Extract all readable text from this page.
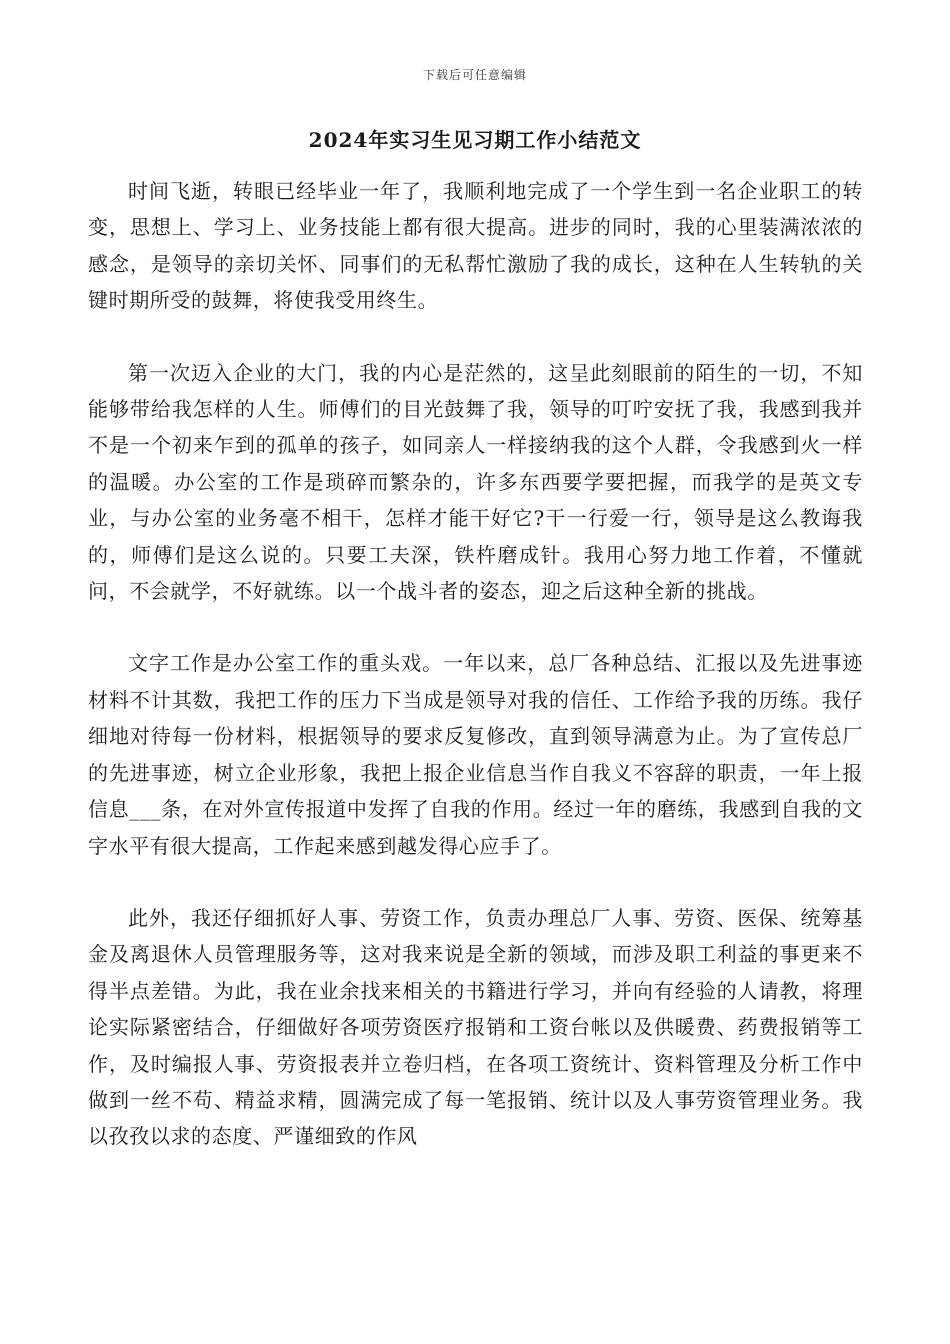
下载后可任意编辑
2024年实习生见习期工作小结范文

时间飞逝，转眼已经毕业一年了，我顺利地完成了一个学生到一名企业职工的转变，思想上、学习上、业务技能上都有很大提高。进步的同时，我的心里装满浓浓的感念，是领导的亲切关怀、同事们的无私帮忙激励了我的成长，这种在人生转轨的关键时期所受的鼓舞，将使我受用终生。

第一次迈入企业的大门，我的内心是茫然的，这呈此刻眼前的陌生的一切，不知能够带给我怎样的人生。师傅们的目光鼓舞了我，领导的叮咛安抚了我，我感到我并不是一个初来乍到的孤单的孩子，如同亲人一样接纳我的这个人群，令我感到火一样的温暖。办公室的工作是琐碎而繁杂的，许多东西要学要把握，而我学的是英文专业，与办公室的业务毫不相干，怎样才能干好它?干一行爱一行，领导是这么教诲我的，师傅们是这么说的。只要工夫深，铁杵磨成针。我用心努力地工作着，不懂就问，不会就学，不好就练。以一个战斗者的姿态，迎之后这种全新的挑战。

文字工作是办公室工作的重头戏。一年以来，总厂各种总结、汇报以及先进事迹材料不计其数，我把工作的压力下当成是领导对我的信任、工作给予我的历练。我仔细地对待每一份材料，根据领导的要求反复修改，直到领导满意为止。为了宣传总厂的先进事迹，树立企业形象，我把上报企业信息当作自我义不容辞的职责，一年上报信息___条，在对外宣传报道中发挥了自我的作用。经过一年的磨练，我感到自我的文字水平有很大提高，工作起来感到越发得心应手了。

此外，我还仔细抓好人事、劳资工作，负责办理总厂人事、劳资、医保、统筹基金及离退休人员管理服务等，这对我来说是全新的领域，而涉及职工利益的事更来不得半点差错。为此，我在业余找来相关的书籍进行学习，并向有经验的人请教，将理论实际紧密结合，仔细做好各项劳资医疗报销和工资台帐以及供暖费、药费报销等工作，及时编报人事、劳资报表并立卷归档，在各项工资统计、资料管理及分析工作中做到一丝不苟、精益求精，圆满完成了每一笔报销、统计以及人事劳资管理业务。我以孜孜以求的态度、严谨细致的作风
